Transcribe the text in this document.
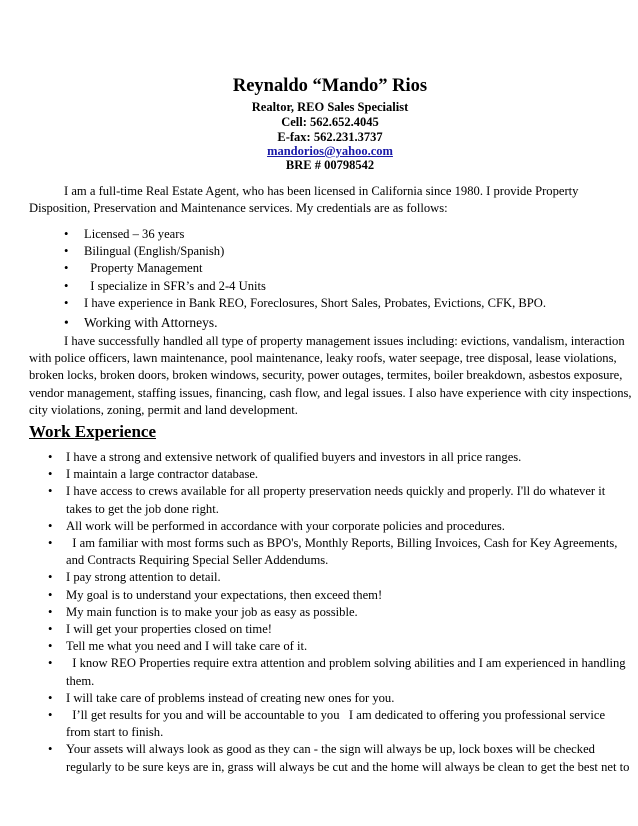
Reynaldo “Mando” Rios
Realtor, REO Sales Specialist
Cell: 562.652.4045
E-fax: 562.231.3737
mandorios@yahoo.com
BRE # 00798542
I am a full-time Real Estate Agent, who has been licensed in California since 1980. I provide Property
Disposition, Preservation and Maintenance services. My credentials are as follows:
• Licensed – 36 years
• Bilingual (English/Spanish)
• Property Management
• I specialize in SFR’s and 2-4 Units
• I have experience in Bank REO, Foreclosures, Short Sales, Probates, Evictions, CFK, BPO.
• Working with Attorneys.
I have successfully handled all type of property management issues including: evictions, vandalism, interaction
with police officers, lawn maintenance, pool maintenance, leaky roofs, water seepage, tree disposal, lease violations,
broken locks, broken doors, broken windows, security, power outages, termites, boiler breakdown, asbestos exposure,
vendor management, staffing issues, financing, cash flow, and legal issues. I also have experience with city inspections,
city violations, zoning, permit and land development.
Work Experience
• I have a strong and extensive network of qualified buyers and investors in all price ranges.
• I maintain a large contractor database.
• I have access to crews available for all property preservation needs quickly and properly. I'll do whatever it
takes to get the job done right.
• All work will be performed in accordance with your corporate policies and procedures.
• I am familiar with most forms such as BPO's, Monthly Reports, Billing Invoices, Cash for Key Agreements,
and Contracts Requiring Special Seller Addendums.
• I pay strong attention to detail.
• My goal is to understand your expectations, then exceed them!
• My main function is to make your job as easy as possible.
• I will get your properties closed on time!
• Tell me what you need and I will take care of it.
• I know REO Properties require extra attention and problem solving abilities and I am experienced in handling
them.
• I will take care of problems instead of creating new ones for you.
• I’ll get results for you and will be accountable to you   I am dedicated to offering you professional service
from start to finish.
• Your assets will always look as good as they can - the sign will always be up, lock boxes will be checked
regularly to be sure keys are in, grass will always be cut and the home will always be clean to get the best net to
